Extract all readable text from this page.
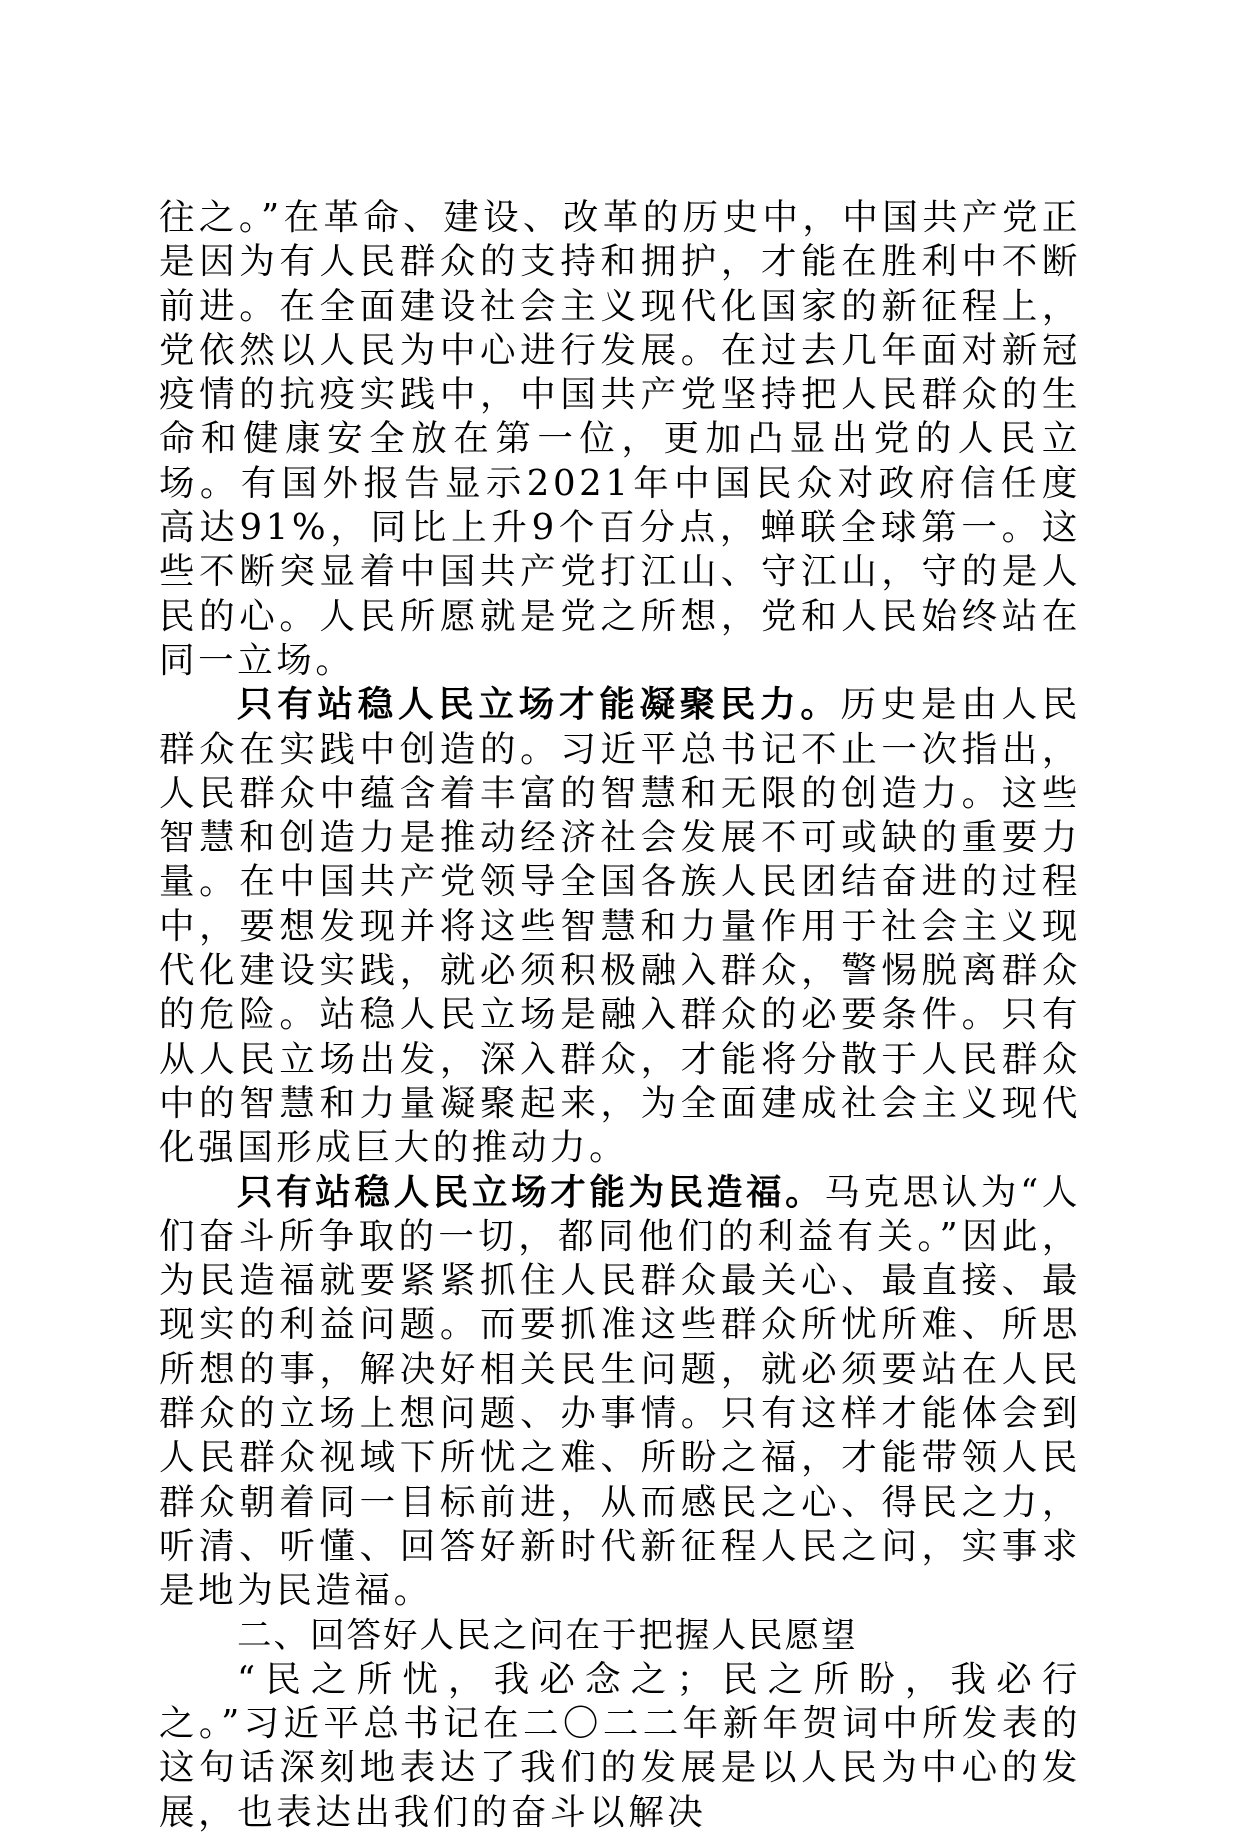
往之。”在革命、建设、改革的历史中，中国共产党正是因为有人民群众的支持和拥护，才能在胜利中不断前进。在全面建设社会主义现代化国家的新征程上，党依然以人民为中心进行发展。在过去几年面对新冠疫情的抗疫实践中，中国共产党坚持把人民群众的生命和健康安全放在第一位，更加凸显出党的人民立场。有国外报告显示2021年中国民众对政府信任度高达91%，同比上升9个百分点，蝉联全球第一。这些不断突显着中国共产党打江山、守江山，守的是人民的心。人民所愿就是党之所想，党和人民始终站在同一立场。

只有站稳人民立场才能凝聚民力。历史是由人民群众在实践中创造的。习近平总书记不止一次指出，人民群众中蕴含着丰富的智慧和无限的创造力。这些智慧和创造力是推动经济社会发展不可或缺的重要力量。在中国共产党领导全国各族人民团结奋进的过程中，要想发现并将这些智慧和力量作用于社会主义现代化建设实践，就必须积极融入群众，警惕脱离群众的危险。站稳人民立场是融入群众的必要条件。只有从人民立场出发，深入群众，才能将分散于人民群众中的智慧和力量凝聚起来，为全面建成社会主义现代化强国形成巨大的推动力。

只有站稳人民立场才能为民造福。马克思认为“人们奋斗所争取的一切，都同他们的利益有关。”因此，为民造福就要紧紧抓住人民群众最关心、最直接、最现实的利益问题。而要抓准这些群众所忧所难、所思所想的事，解决好相关民生问题，就必须要站在人民群众的立场上想问题、办事情。只有这样才能体会到人民群众视域下所忧之难、所盼之福，才能带领人民群众朝着同一目标前进，从而感民之心、得民之力，听清、听懂、回答好新时代新征程人民之问，实事求是地为民造福。

二、回答好人民之问在于把握人民愿望

“民之所忧，我必念之；民之所盼，我必行之。”习近平总书记在二〇二二年新年贺词中所发表的这句话深刻地表达了我们的发展是以人民为中心的发展，也表达出我们的奋斗以解决
